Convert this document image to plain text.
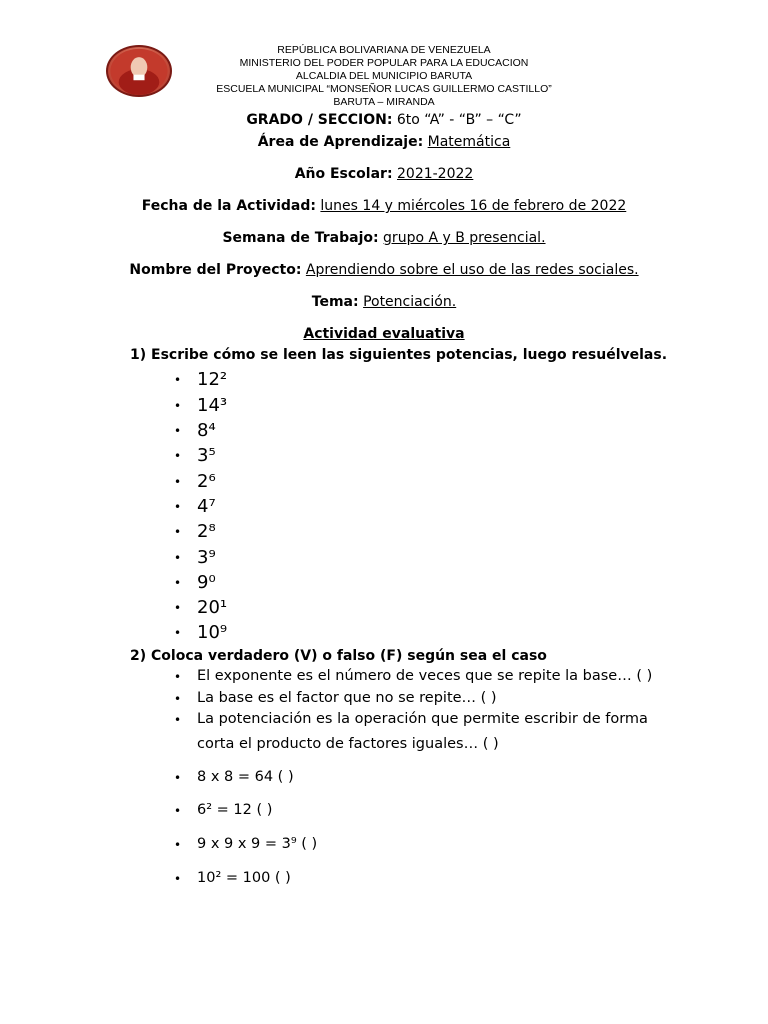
REPÚBLICA BOLIVARIANA DE VENEZUELA
MINISTERIO DEL PODER POPULAR PARA LA EDUCACION
ALCALDIA DEL MUNICIPIO BARUTA
ESCUELA MUNICIPAL “MONSEÑOR LUCAS GUILLERMO CASTILLO”
BARUTA – MIRANDA
GRADO / SECCION: 6to “A” - “B” – “C”
Área de Aprendizaje: Matemática
Año Escolar: 2021-2022
Fecha de la Actividad: lunes 14 y miércoles 16 de febrero de 2022
Semana de Trabajo: grupo A y B presencial.
Nombre del Proyecto: Aprendiendo sobre el uso de las redes sociales.
Tema: Potenciación.
Actividad evaluativa
1) Escribe cómo se leen las siguientes potencias, luego resuélvelas.
• 12²
• 14³
• 8⁴
• 3⁵
• 2⁶
• 4⁷
• 2⁸
• 3⁹
• 9⁰
• 20¹
• 10⁹
2) Coloca verdadero (V) o falso (F) según sea el caso
• El exponente es el número de veces que se repite la base… ( )
• La base es el factor que no se repite… ( )
• La potenciación es la operación que permite escribir de forma
corta el producto de factores iguales… ( )
• 8 x 8 = 64 ( )
• 6² = 12 ( )
• 9 x 9 x 9 = 3⁹ ( )
• 10² = 100 ( )
